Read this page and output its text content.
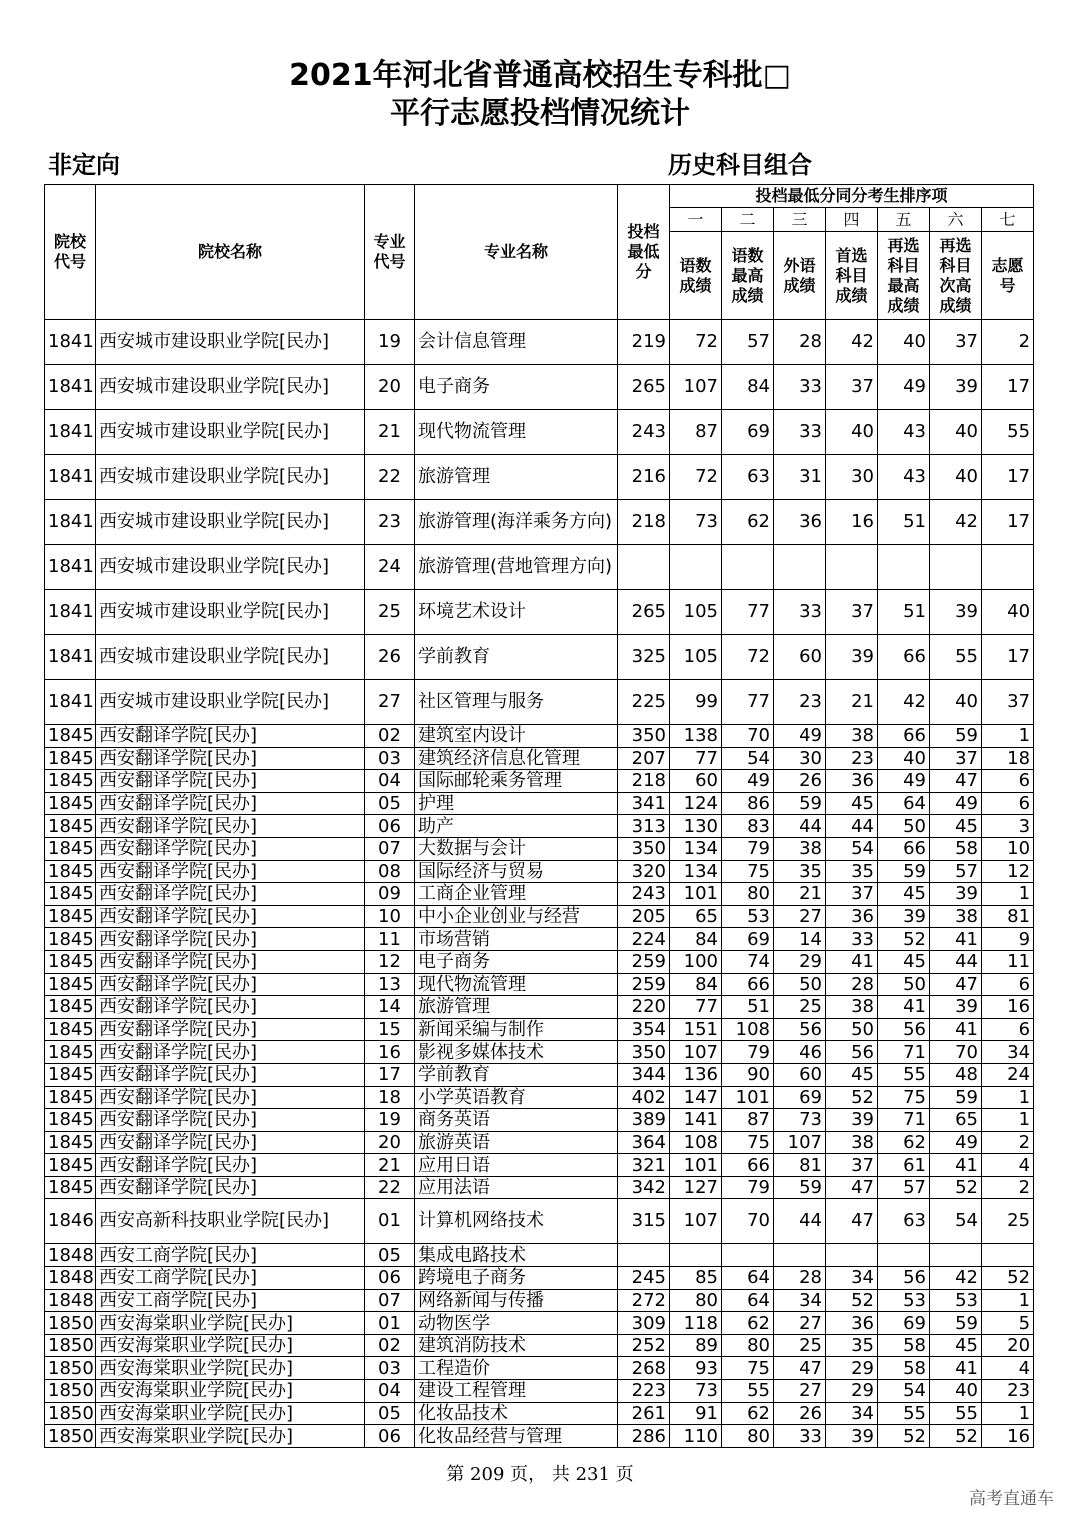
2021年河北省普通高校招生专科批□
平行志愿投档情况统计
非定向	历史科目组合
院校代号	院校名称	专业代号	专业名称	投档最低分	投档最低分同分考生排序项						
					一	二	三	四	五	六	七
					语数成绩	语数最高成绩	外语成绩	首选科目成绩	再选科目最高成绩	再选科目次高成绩	志愿号
1841	西安城市建设职业学院[民办]	19	会计信息管理	219	72	57	28	42	40	37	2
1841	西安城市建设职业学院[民办]	20	电子商务	265	107	84	33	37	49	39	17
1841	西安城市建设职业学院[民办]	21	现代物流管理	243	87	69	33	40	43	40	55
1841	西安城市建设职业学院[民办]	22	旅游管理	216	72	63	31	30	43	40	17
1841	西安城市建设职业学院[民办]	23	旅游管理(海洋乘务方向)	218	73	62	36	16	51	42	17
1841	西安城市建设职业学院[民办]	24	旅游管理(营地管理方向)								
1841	西安城市建设职业学院[民办]	25	环境艺术设计	265	105	77	33	37	51	39	40
1841	西安城市建设职业学院[民办]	26	学前教育	325	105	72	60	39	66	55	17
1841	西安城市建设职业学院[民办]	27	社区管理与服务	225	99	77	23	21	42	40	37
1845	西安翻译学院[民办]	02	建筑室内设计	350	138	70	49	38	66	59	1
1845	西安翻译学院[民办]	03	建筑经济信息化管理	207	77	54	30	23	40	37	18
1845	西安翻译学院[民办]	04	国际邮轮乘务管理	218	60	49	26	36	49	47	6
1845	西安翻译学院[民办]	05	护理	341	124	86	59	45	64	49	6
1845	西安翻译学院[民办]	06	助产	313	130	83	44	44	50	45	3
1845	西安翻译学院[民办]	07	大数据与会计	350	134	79	38	54	66	58	10
1845	西安翻译学院[民办]	08	国际经济与贸易	320	134	75	35	35	59	57	12
1845	西安翻译学院[民办]	09	工商企业管理	243	101	80	21	37	45	39	1
1845	西安翻译学院[民办]	10	中小企业创业与经营	205	65	53	27	36	39	38	81
1845	西安翻译学院[民办]	11	市场营销	224	84	69	14	33	52	41	9
1845	西安翻译学院[民办]	12	电子商务	259	100	74	29	41	45	44	11
1845	西安翻译学院[民办]	13	现代物流管理	259	84	66	50	28	50	47	6
1845	西安翻译学院[民办]	14	旅游管理	220	77	51	25	38	41	39	16
1845	西安翻译学院[民办]	15	新闻采编与制作	354	151	108	56	50	56	41	6
1845	西安翻译学院[民办]	16	影视多媒体技术	350	107	79	46	56	71	70	34
1845	西安翻译学院[民办]	17	学前教育	344	136	90	60	45	55	48	24
1845	西安翻译学院[民办]	18	小学英语教育	402	147	101	69	52	75	59	1
1845	西安翻译学院[民办]	19	商务英语	389	141	87	73	39	71	65	1
1845	西安翻译学院[民办]	20	旅游英语	364	108	75	107	38	62	49	2
1845	西安翻译学院[民办]	21	应用日语	321	101	66	81	37	61	41	4
1845	西安翻译学院[民办]	22	应用法语	342	127	79	59	47	57	52	2
1846	西安高新科技职业学院[民办]	01	计算机网络技术	315	107	70	44	47	63	54	25
1848	西安工商学院[民办]	05	集成电路技术								
1848	西安工商学院[民办]	06	跨境电子商务	245	85	64	28	34	56	42	52
1848	西安工商学院[民办]	07	网络新闻与传播	272	80	64	34	52	53	53	1
1850	西安海棠职业学院[民办]	01	动物医学	309	118	62	27	36	69	59	5
1850	西安海棠职业学院[民办]	02	建筑消防技术	252	89	80	25	35	58	45	20
1850	西安海棠职业学院[民办]	03	工程造价	268	93	75	47	29	58	41	4
1850	西安海棠职业学院[民办]	04	建设工程管理	223	73	55	27	29	54	40	23
1850	西安海棠职业学院[民办]	05	化妆品技术	261	91	62	26	34	55	55	1
1850	西安海棠职业学院[民办]	06	化妆品经营与管理	286	110	80	33	39	52	52	16
第 209 页， 共 231 页
高考直通车
